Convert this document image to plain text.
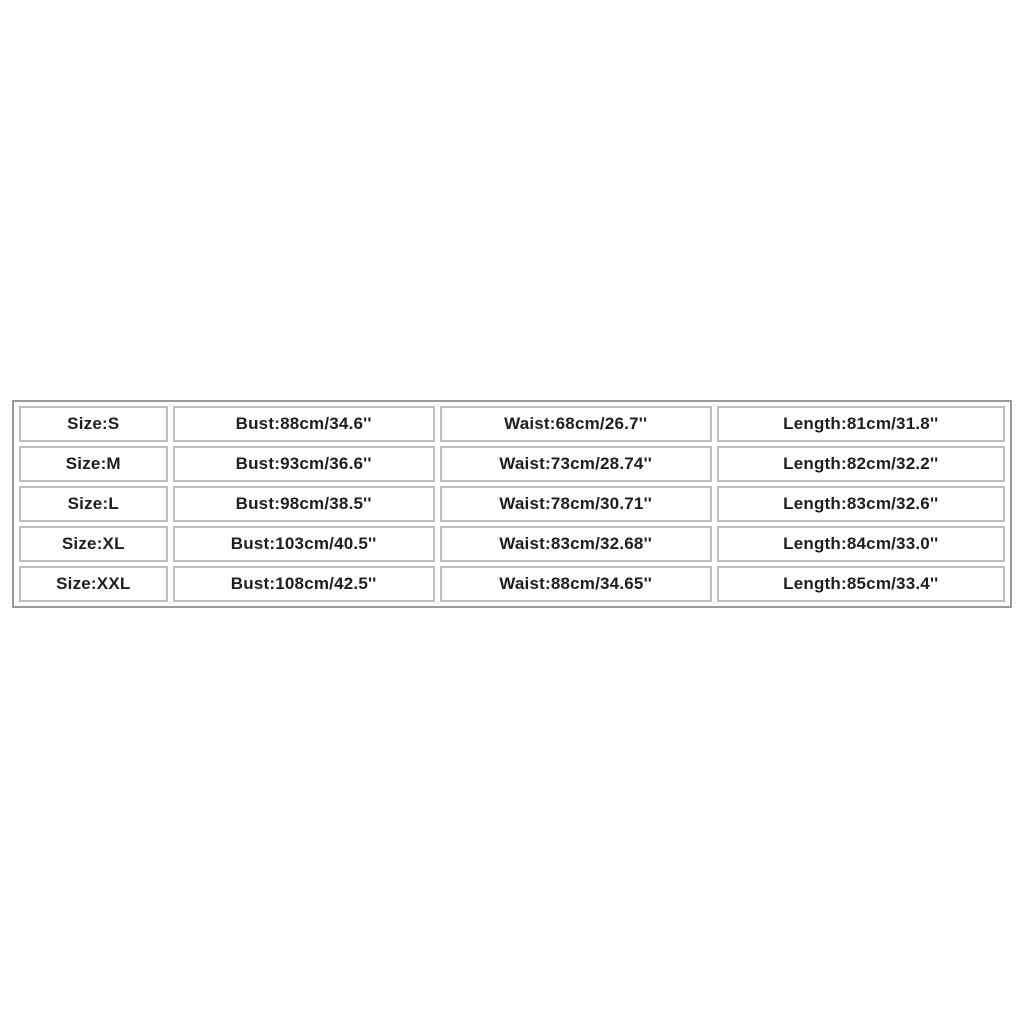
Size:S	Bust:88cm/34.6''	Waist:68cm/26.7''	Length:81cm/31.8''
Size:M	Bust:93cm/36.6''	Waist:73cm/28.74''	Length:82cm/32.2''
Size:L	Bust:98cm/38.5''	Waist:78cm/30.71''	Length:83cm/32.6''
Size:XL	Bust:103cm/40.5''	Waist:83cm/32.68''	Length:84cm/33.0''
Size:XXL	Bust:108cm/42.5''	Waist:88cm/34.65''	Length:85cm/33.4''
